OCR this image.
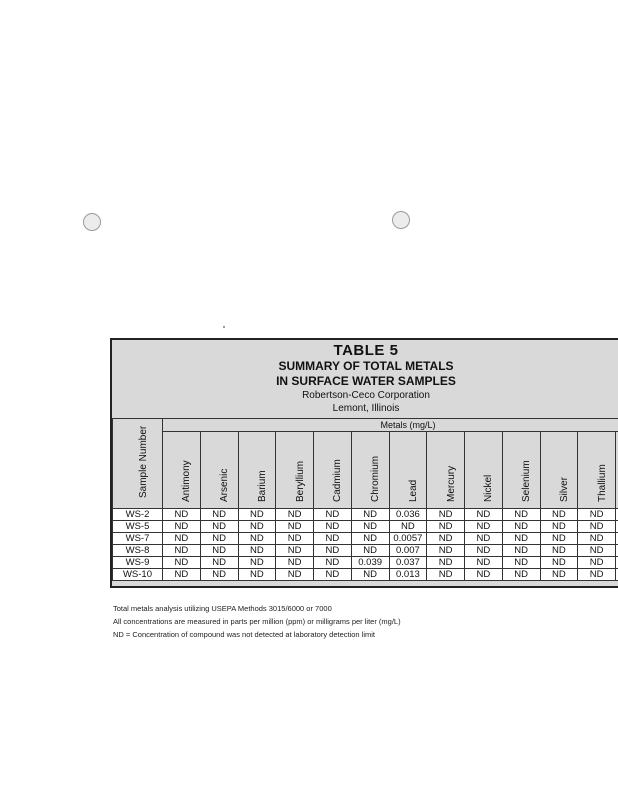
TABLE 5
SUMMARY OF TOTAL METALS
IN SURFACE WATER SAMPLES
Robertson-Ceco Corporation
Lemont, Illinois
Sample Number	Metals (mg/L)												

	Antimony	Arsenic	Barium	Beryllium	Cadmium	Chromium	Lead	Mercury	Nickel	Selenium	Silver	Thallium	

WS-2	ND	ND	ND	ND	ND	ND	0.036	ND	ND	ND	ND	ND	
WS-5	ND	ND	ND	ND	ND	ND	ND	ND	ND	ND	ND	ND	
WS-7	ND	ND	ND	ND	ND	ND	0.0057	ND	ND	ND	ND	ND	
WS-8	ND	ND	ND	ND	ND	ND	0.007	ND	ND	ND	ND	ND	
WS-9	ND	ND	ND	ND	ND	0.039	0.037	ND	ND	ND	ND	ND	
WS-10	ND	ND	ND	ND	ND	ND	0.013	ND	ND	ND	ND	ND	
Total metals analysis utilizing USEPA Methods 3015/6000 or 7000
All concentrations are measured in parts per million (ppm) or milligrams per liter (mg/L)
ND = Concentration of compound was not detected at laboratory detection limit
